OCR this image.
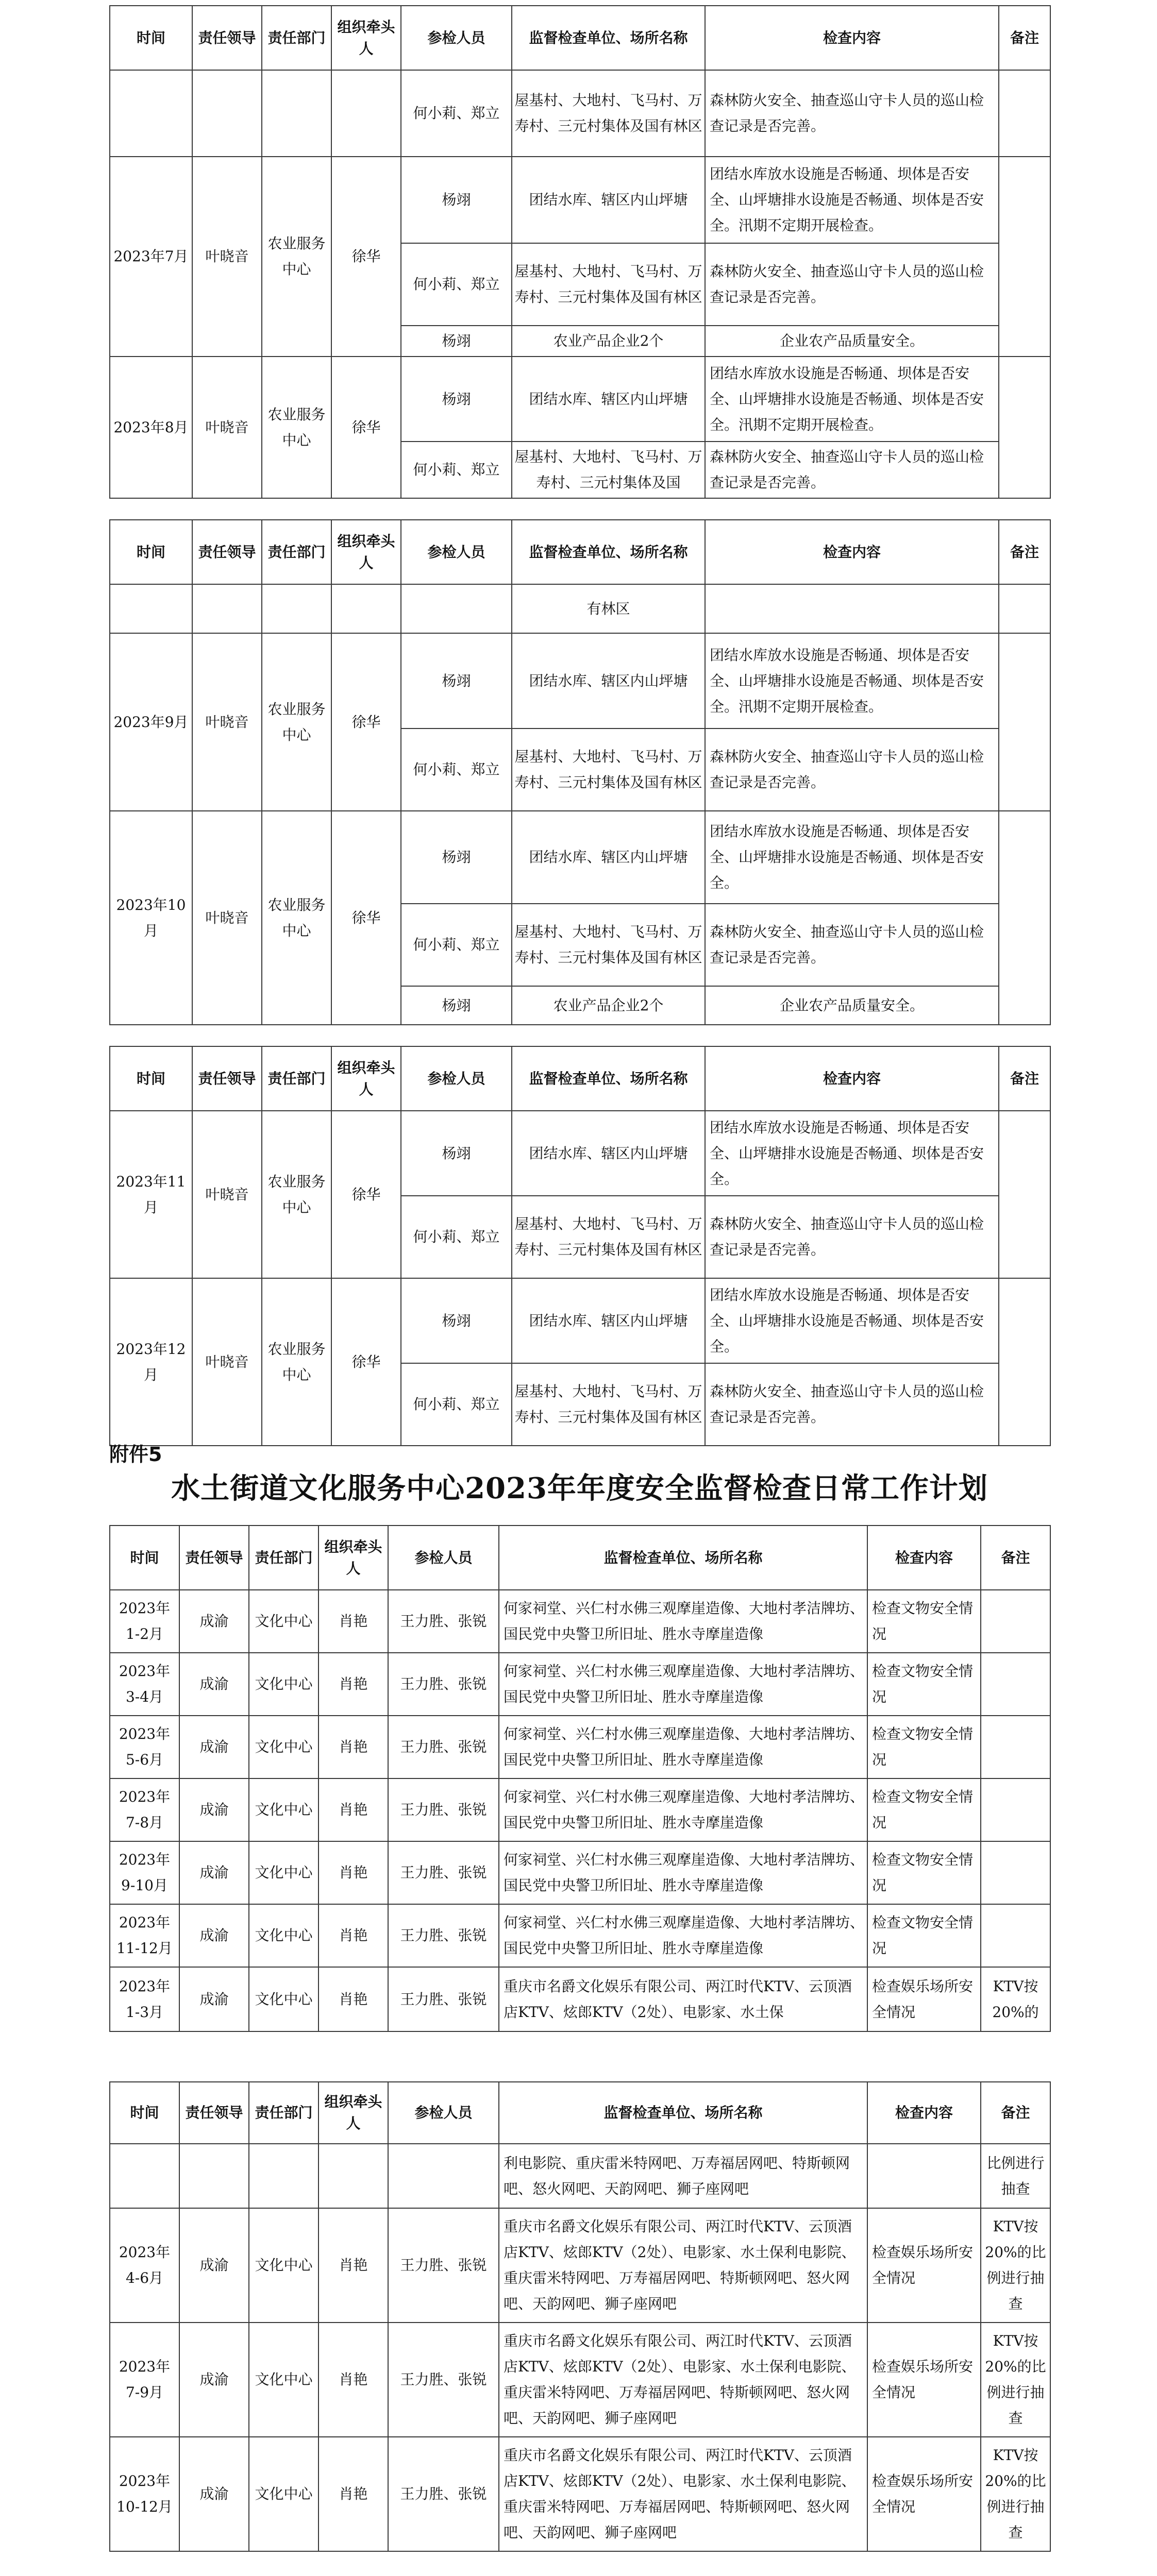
时间	责任领导	责任部门	组织牵头人	参检人员	监督检查单位、场所名称	检查内容	备注
				何小莉、郑立	屋基村、大地村、飞马村、万寿村、三元村集体及国有林区	森林防火安全、抽查巡山守卡人员的巡山检查记录是否完善。	
2023年7月	叶晓音	农业服务中心	徐华	杨翊	团结水库、辖区内山坪塘	团结水库放水设施是否畅通、坝体是否安全、山坪塘排水设施是否畅通、坝体是否安全。汛期不定期开展检查。	
				何小莉、郑立	屋基村、大地村、飞马村、万寿村、三元村集体及国有林区	森林防火安全、抽查巡山守卡人员的巡山检查记录是否完善。	
				杨翊	农业产品企业2个	企业农产品质量安全。	
2023年8月	叶晓音	农业服务中心	徐华	杨翊	团结水库、辖区内山坪塘	团结水库放水设施是否畅通、坝体是否安全、山坪塘排水设施是否畅通、坝体是否安全。汛期不定期开展检查。	
				何小莉、郑立	屋基村、大地村、飞马村、万寿村、三元村集体及国	森林防火安全、抽查巡山守卡人员的巡山检查记录是否完善。	
时间	责任领导	责任部门	组织牵头人	参检人员	监督检查单位、场所名称	检查内容	备注
					有林区		
2023年9月	叶晓音	农业服务中心	徐华	杨翊	团结水库、辖区内山坪塘	团结水库放水设施是否畅通、坝体是否安全、山坪塘排水设施是否畅通、坝体是否安全。汛期不定期开展检查。	
				何小莉、郑立	屋基村、大地村、飞马村、万寿村、三元村集体及国有林区	森林防火安全、抽查巡山守卡人员的巡山检查记录是否完善。	
2023年10月	叶晓音	农业服务中心	徐华	杨翊	团结水库、辖区内山坪塘	团结水库放水设施是否畅通、坝体是否安全、山坪塘排水设施是否畅通、坝体是否安全。	
				何小莉、郑立	屋基村、大地村、飞马村、万寿村、三元村集体及国有林区	森林防火安全、抽查巡山守卡人员的巡山检查记录是否完善。	
				杨翊	农业产品企业2个	企业农产品质量安全。	
时间	责任领导	责任部门	组织牵头人	参检人员	监督检查单位、场所名称	检查内容	备注
2023年11月	叶晓音	农业服务中心	徐华	杨翊	团结水库、辖区内山坪塘	团结水库放水设施是否畅通、坝体是否安全、山坪塘排水设施是否畅通、坝体是否安全。	
				何小莉、郑立	屋基村、大地村、飞马村、万寿村、三元村集体及国有林区	森林防火安全、抽查巡山守卡人员的巡山检查记录是否完善。	
2023年12月	叶晓音	农业服务中心	徐华	杨翊	团结水库、辖区内山坪塘	团结水库放水设施是否畅通、坝体是否安全、山坪塘排水设施是否畅通、坝体是否安全。	
				何小莉、郑立	屋基村、大地村、飞马村、万寿村、三元村集体及国有林区	森林防火安全、抽查巡山守卡人员的巡山检查记录是否完善。	
附件5
水土街道文化服务中心2023年年度安全监督检查日常工作计划
时间	责任领导	责任部门	组织牵头人	参检人员	监督检查单位、场所名称	检查内容	备注
2023年1-2月	成渝	文化中心	肖艳	王力胜、张锐	何家祠堂、兴仁村水佛三观摩崖造像、大地村孝洁牌坊、国民党中央警卫所旧址、胜水寺摩崖造像	检查文物安全情况	
2023年3-4月	成渝	文化中心	肖艳	王力胜、张锐	何家祠堂、兴仁村水佛三观摩崖造像、大地村孝洁牌坊、国民党中央警卫所旧址、胜水寺摩崖造像	检查文物安全情况	
2023年5-6月	成渝	文化中心	肖艳	王力胜、张锐	何家祠堂、兴仁村水佛三观摩崖造像、大地村孝洁牌坊、国民党中央警卫所旧址、胜水寺摩崖造像	检查文物安全情况	
2023年7-8月	成渝	文化中心	肖艳	王力胜、张锐	何家祠堂、兴仁村水佛三观摩崖造像、大地村孝洁牌坊、国民党中央警卫所旧址、胜水寺摩崖造像	检查文物安全情况	
2023年9-10月	成渝	文化中心	肖艳	王力胜、张锐	何家祠堂、兴仁村水佛三观摩崖造像、大地村孝洁牌坊、国民党中央警卫所旧址、胜水寺摩崖造像	检查文物安全情况	
2023年11-12月	成渝	文化中心	肖艳	王力胜、张锐	何家祠堂、兴仁村水佛三观摩崖造像、大地村孝洁牌坊、国民党中央警卫所旧址、胜水寺摩崖造像	检查文物安全情况	
2023年1-3月	成渝	文化中心	肖艳	王力胜、张锐	重庆市名爵文化娱乐有限公司、两江时代KTV、云顶酒店KTV、炫郎KTV（2处）、电影家、水土保	检查娱乐场所安全情况	KTV按20%的
时间	责任领导	责任部门	组织牵头人	参检人员	监督检查单位、场所名称	检查内容	备注
					利电影院、重庆雷米特网吧、万寿福居网吧、特斯顿网吧、怒火网吧、天韵网吧、狮子座网吧		比例进行抽查
2023年4-6月	成渝	文化中心	肖艳	王力胜、张锐	重庆市名爵文化娱乐有限公司、两江时代KTV、云顶酒店KTV、炫郎KTV（2处）、电影家、水土保利电影院、重庆雷米特网吧、万寿福居网吧、特斯顿网吧、怒火网吧、天韵网吧、狮子座网吧	检查娱乐场所安全情况	KTV按20%的比例进行抽查
2023年7-9月	成渝	文化中心	肖艳	王力胜、张锐	重庆市名爵文化娱乐有限公司、两江时代KTV、云顶酒店KTV、炫郎KTV（2处）、电影家、水土保利电影院、重庆雷米特网吧、万寿福居网吧、特斯顿网吧、怒火网吧、天韵网吧、狮子座网吧	检查娱乐场所安全情况	KTV按20%的比例进行抽查
2023年10-12月	成渝	文化中心	肖艳	王力胜、张锐	重庆市名爵文化娱乐有限公司、两江时代KTV、云顶酒店KTV、炫郎KTV（2处）、电影家、水土保利电影院、重庆雷米特网吧、万寿福居网吧、特斯顿网吧、怒火网吧、天韵网吧、狮子座网吧	检查娱乐场所安全情况	KTV按20%的比例进行抽查
